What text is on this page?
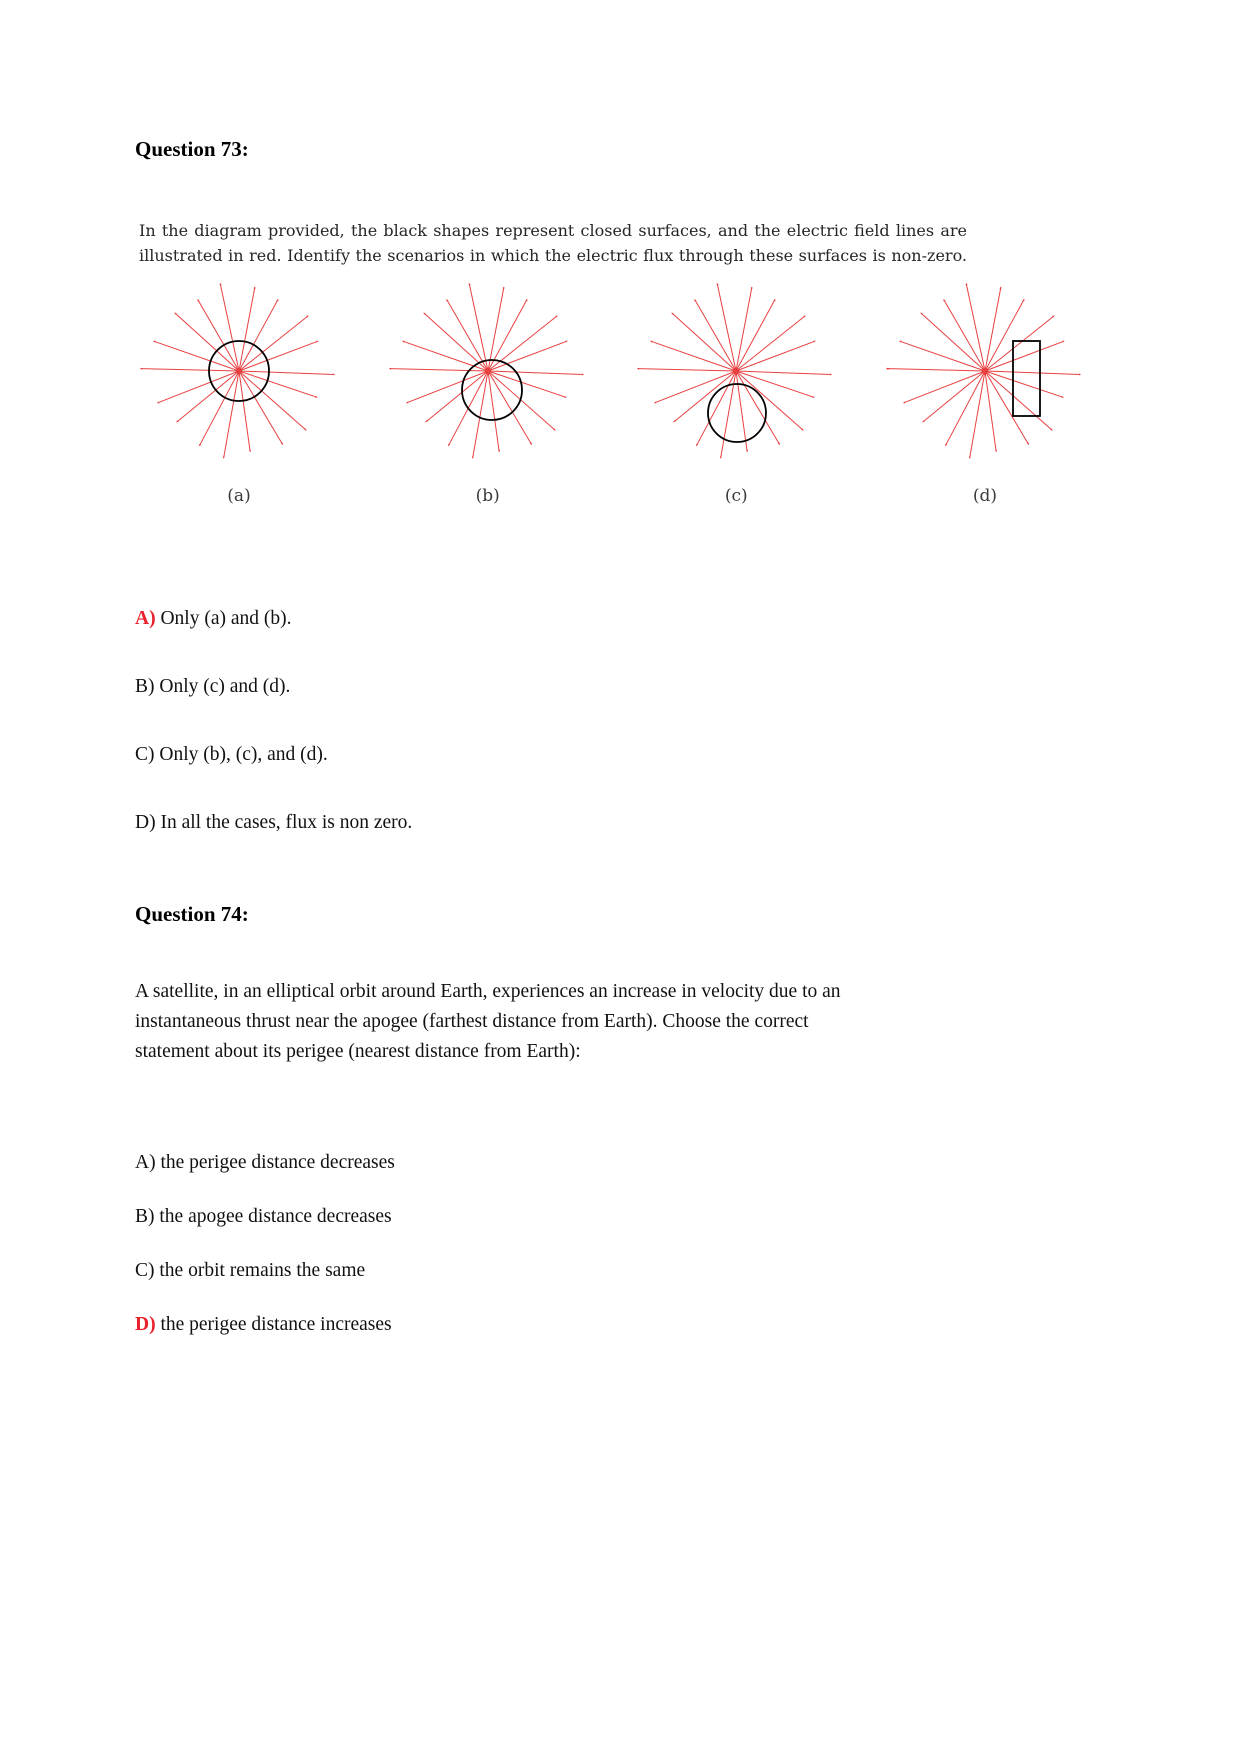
Question 73:
In the diagram provided, the black shapes represent closed surfaces, and the electric field lines are
illustrated in red. Identify the scenarios in which the electric flux through these surfaces is non-zero.
(a)	(b)	(c)	(d)
A) Only (a) and (b).
B) Only (c) and (d).
C) Only (b), (c), and (d).
D) In all the cases, flux is non zero.
Question 74:
A satellite, in an elliptical orbit around Earth, experiences an increase in velocity due to an
instantaneous thrust near the apogee (farthest distance from Earth). Choose the correct
statement about its perigee (nearest distance from Earth):
A) the perigee distance decreases
B) the apogee distance decreases
C) the orbit remains the same
D) the perigee distance increases
